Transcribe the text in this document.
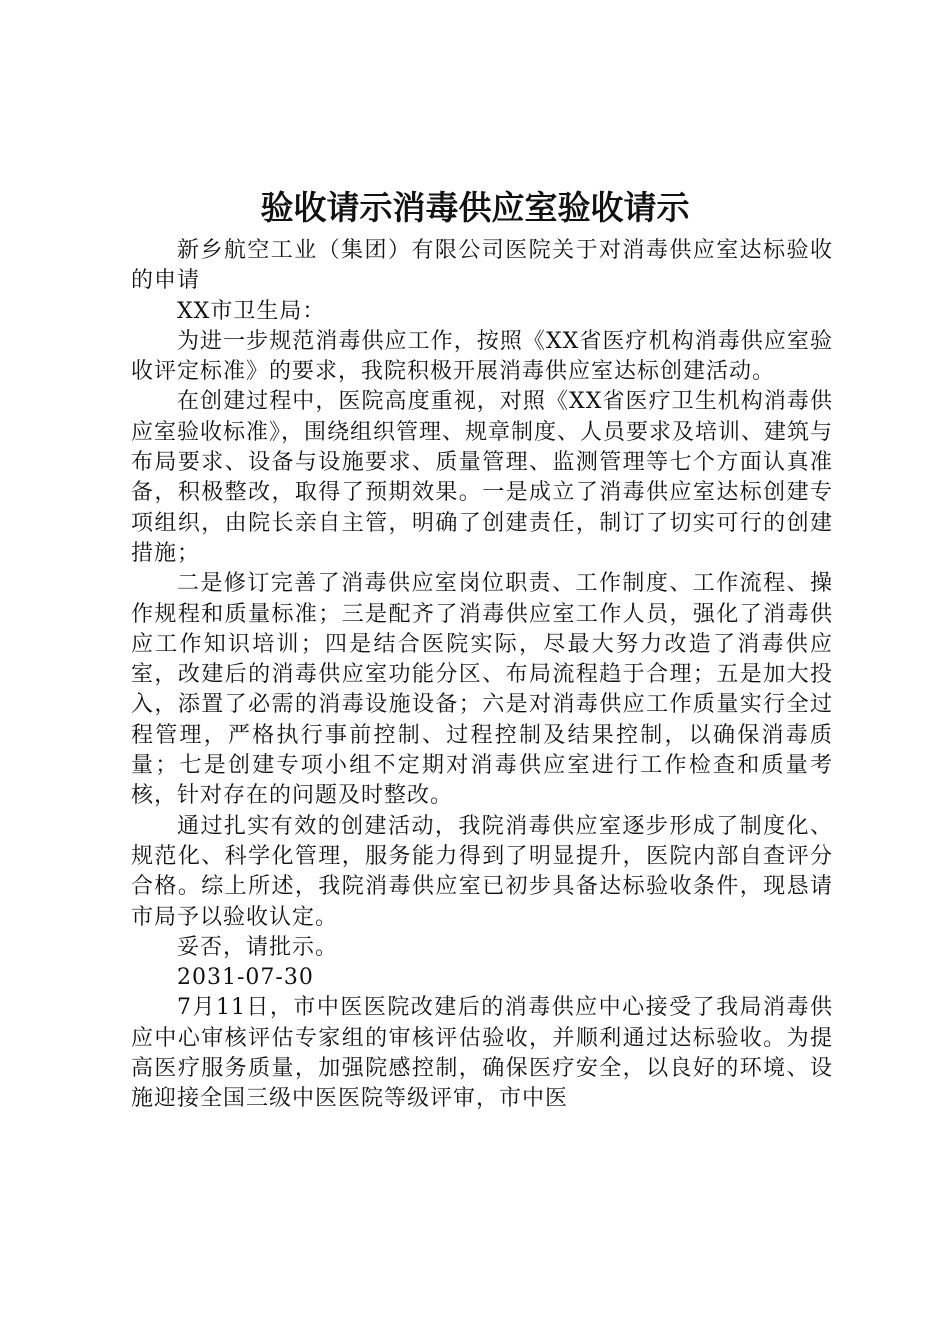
验收请示消毒供应室验收请示

新乡航空工业（集团）有限公司医院关于对消毒供应室达标验收的申请

XX市卫生局：

为进一步规范消毒供应工作，按照《XX省医疗机构消毒供应室验收评定标准》的要求，我院积极开展消毒供应室达标创建活动。

在创建过程中，医院高度重视，对照《XX省医疗卫生机构消毒供应室验收标准》，围绕组织管理、规章制度、人员要求及培训、建筑与布局要求、设备与设施要求、质量管理、监测管理等七个方面认真准备，积极整改，取得了预期效果。一是成立了消毒供应室达标创建专项组织，由院长亲自主管，明确了创建责任，制订了切实可行的创建措施；

二是修订完善了消毒供应室岗位职责、工作制度、工作流程、操作规程和质量标准；三是配齐了消毒供应室工作人员，强化了消毒供应工作知识培训；四是结合医院实际，尽最大努力改造了消毒供应室，改建后的消毒供应室功能分区、布局流程趋于合理；五是加大投入，添置了必需的消毒设施设备；六是对消毒供应工作质量实行全过程管理，严格执行事前控制、过程控制及结果控制，以确保消毒质量；七是创建专项小组不定期对消毒供应室进行工作检查和质量考核，针对存在的问题及时整改。

通过扎实有效的创建活动，我院消毒供应室逐步形成了制度化、规范化、科学化管理，服务能力得到了明显提升，医院内部自查评分合格。综上所述，我院消毒供应室已初步具备达标验收条件，现恳请市局予以验收认定。

妥否，请批示。

2031-07-30

7月11日，市中医医院改建后的消毒供应中心接受了我局消毒供应中心审核评估专家组的审核评估验收，并顺利通过达标验收。为提高医疗服务质量，加强院感控制，确保医疗安全，以良好的环境、设施迎接全国三级中医医院等级评审，市中医
